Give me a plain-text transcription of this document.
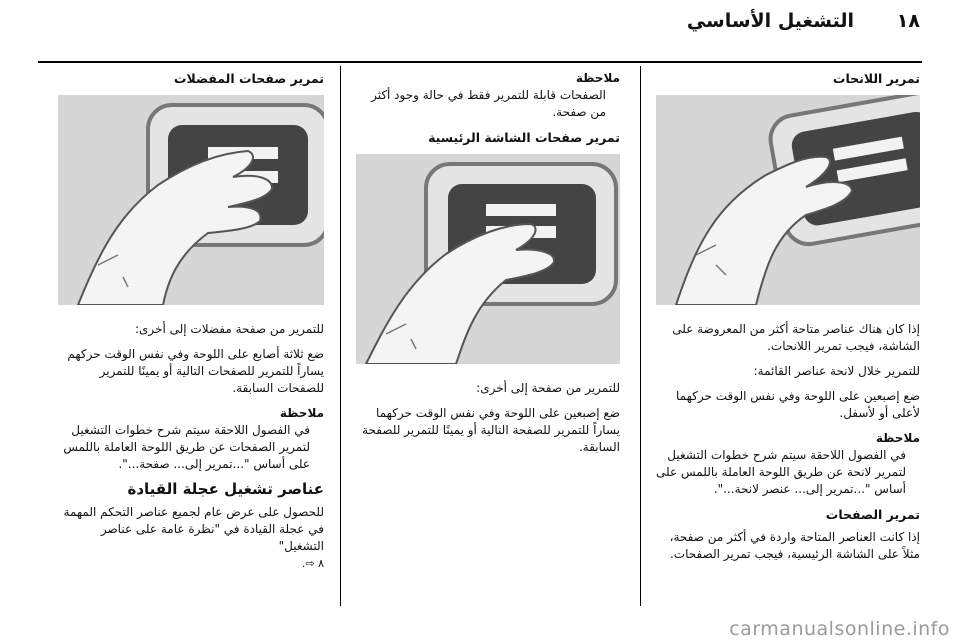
١٨
التشغيل الأساسي
تمرير اللانحات

إذا كان هناك عناصر متاحة أكثر من المعروضة على الشاشة، فيجب تمرير اللانحات.

للتمرير خلال لانحة عناصر القائمة:

ضع إصبعين على اللوحة وفي نفس الوقت حركهما لأعلى أو لأسفل.

ملاحظة

في الفصول اللاحقة سيتم شرح خطوات التشغيل لتمرير لانحة عن طريق اللوحة العاملة باللمس على أساس "...تمرير إلى... عنصر لانحة...".

تمرير الصفحات

إذا كانت العناصر المتاحة واردة في أكثر من صفحة، مثلاً على الشاشة الرئيسية، فيجب تمرير الصفحات.

ملاحظة

الصفحات قابلة للتمرير فقط في حالة وجود أكثر من صفحة.

تمرير صفحات الشاشة الرئيسية

للتمرير من صفحة إلى أخرى:

ضع إصبعين على اللوحة وفي نفس الوقت حركهما يساراً للتمرير للصفحة التالية أو يمينًا للتمرير للصفحة السابقة.

تمرير صفحات المفضلات

للتمرير من صفحة مفضلات إلى أخرى:

ضع ثلاثة أصابع على اللوحة وفي نفس الوقت حركهم يساراً للتمرير للصفحات التالية أو يمينًا للتمرير للصفحات السابقة.

ملاحظة

في الفصول اللاحقة سيتم شرح خطوات التشغيل لتمرير الصفحات عن طريق اللوحة العاملة باللمس على أساس "...تمرير إلى... صفحة...".

عناصر تشغيل عجلة القيادة

للحصول على عرض عام لجميع عناصر التحكم المهمة في عجلة القيادة في "نظرة عامة على عناصر التشغيل"

٨ ⇨.

carmanualsonline.info
